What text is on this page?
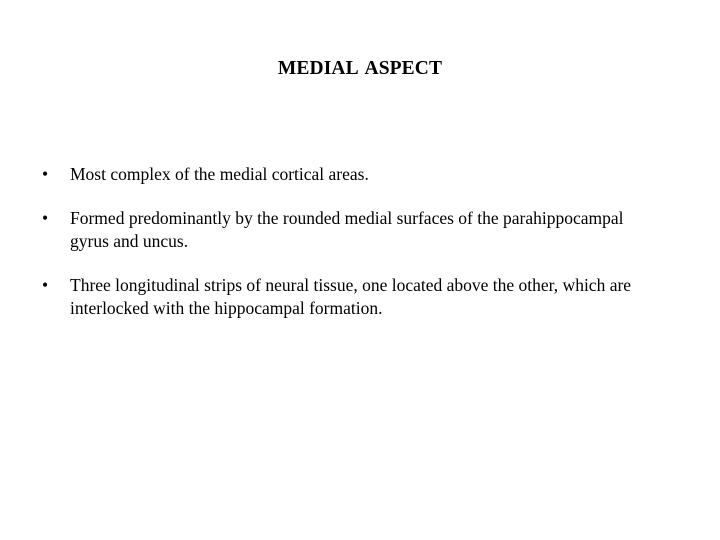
MEDIAL ASPECT
• Most complex of the medial cortical areas.
• Formed predominantly by the rounded medial surfaces of the parahippocampal gyrus and uncus.
• Three longitudinal strips of neural tissue, one located above the other, which are interlocked with the hippocampal formation.
